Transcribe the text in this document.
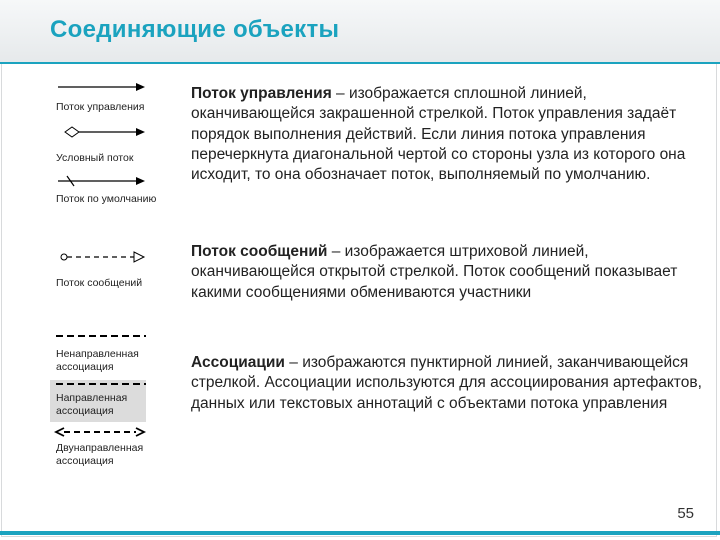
Соединяющие объекты
Поток управления
Условный поток
Поток по умолчанию
Поток сообщений
Ненаправленная
ассоциация
Направленная
ассоциация
Двунаправленная
ассоциация
Поток управления – изображается сплошной линией, оканчивающейся закрашенной стрелкой. Поток управления задаёт порядок выполнения действий. Если линия потока управления перечеркнута диагональной чертой со стороны узла из которого она исходит, то она обозначает поток, выполняемый по умолчанию.
Поток сообщений – изображается штриховой линией, оканчивающейся открытой стрелкой. Поток сообщений показывает какими сообщениями обмениваются участники
Ассоциации – изображаются пунктирной линией, заканчивающейся стрелкой. Ассоциации используются для ассоциирования артефактов, данных или текстовых аннотаций с объектами потока управления
55
